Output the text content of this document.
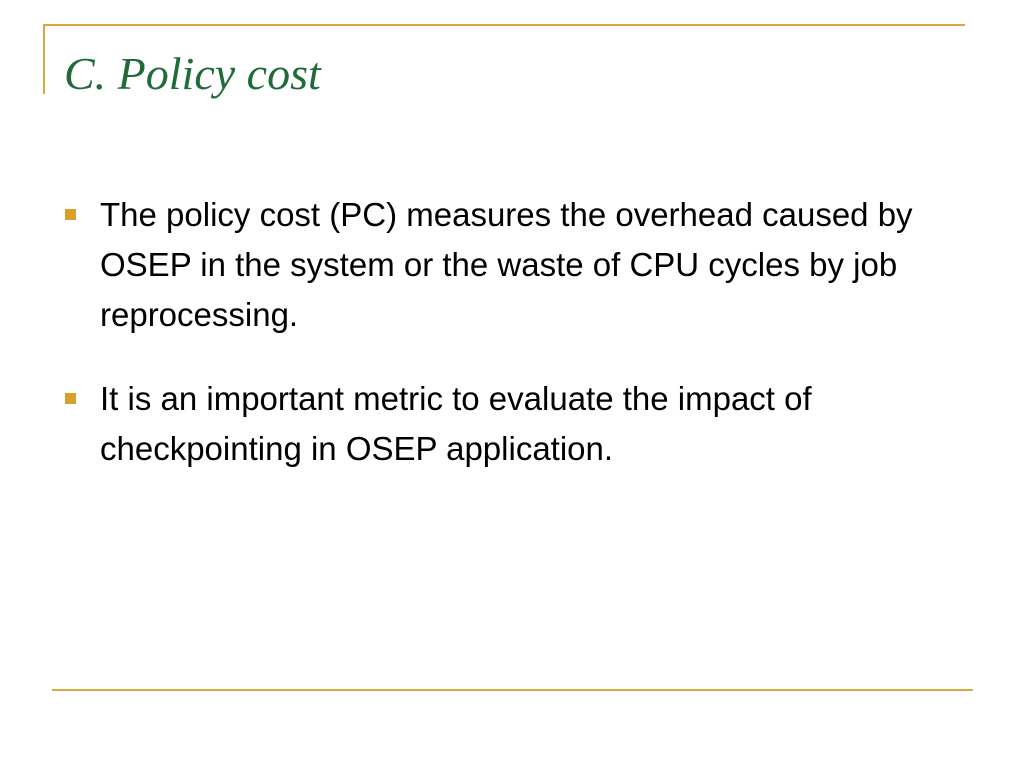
C. Policy cost
The policy cost (PC) measures the overhead caused by OSEP in the system or the waste of CPU cycles by job reprocessing.
It is an important metric to evaluate the impact of checkpointing in OSEP application.
